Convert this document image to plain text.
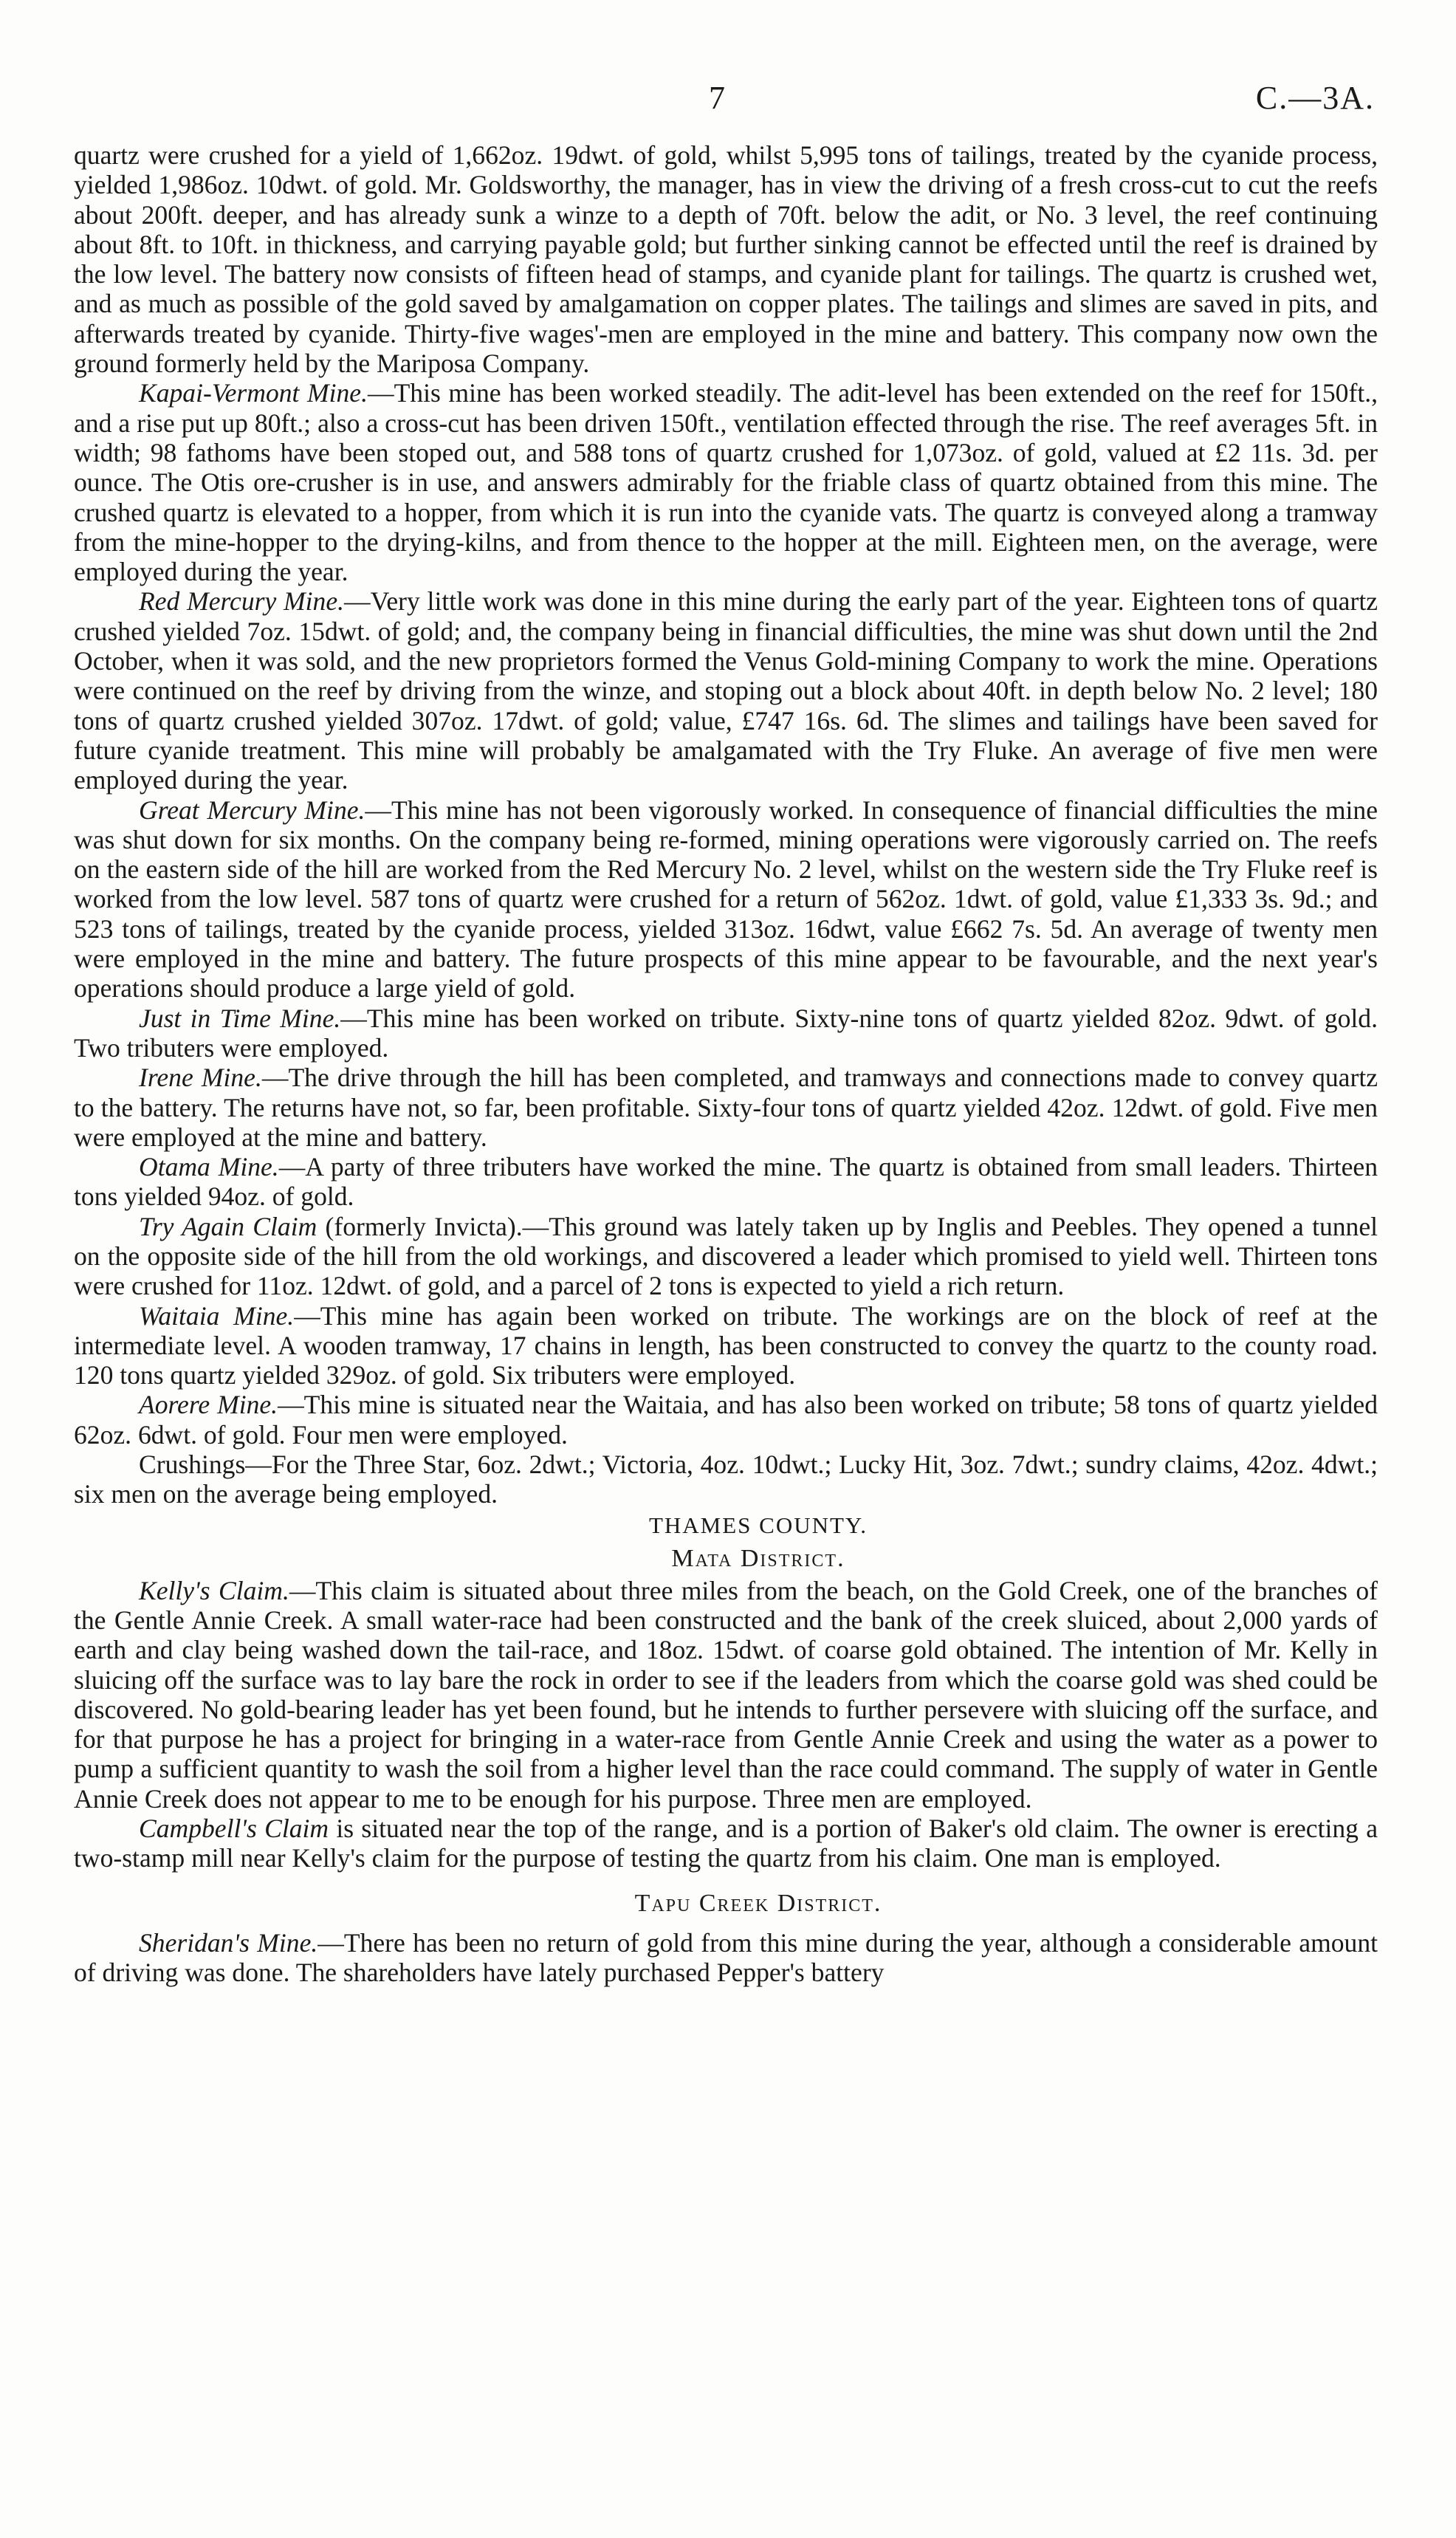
7	C.—3A.

quartz were crushed for a yield of 1,662oz. 19dwt. of gold, whilst 5,995 tons of tailings, treated by the cyanide process, yielded 1,986oz. 10dwt. of gold. Mr. Goldsworthy, the manager, has in view the driving of a fresh cross-cut to cut the reefs about 200ft. deeper, and has already sunk a winze to a depth of 70ft. below the adit, or No. 3 level, the reef continuing about 8ft. to 10ft. in thickness, and carrying payable gold; but further sinking cannot be effected until the reef is drained by the low level. The battery now consists of fifteen head of stamps, and cyanide plant for tailings. The quartz is crushed wet, and as much as possible of the gold saved by amalgamation on copper plates. The tailings and slimes are saved in pits, and afterwards treated by cyanide. Thirty-five wages'-men are employed in the mine and battery. This company now own the ground formerly held by the Mariposa Company.

Kapai-Vermont Mine.—This mine has been worked steadily. The adit-level has been extended on the reef for 150ft., and a rise put up 80ft.; also a cross-cut has been driven 150ft., ventilation effected through the rise. The reef averages 5ft. in width; 98 fathoms have been stoped out, and 588 tons of quartz crushed for 1,073oz. of gold, valued at £2 11s. 3d. per ounce. The Otis ore-crusher is in use, and answers admirably for the friable class of quartz obtained from this mine. The crushed quartz is elevated to a hopper, from which it is run into the cyanide vats. The quartz is conveyed along a tramway from the mine-hopper to the drying-kilns, and from thence to the hopper at the mill. Eighteen men, on the average, were employed during the year.

Red Mercury Mine.—Very little work was done in this mine during the early part of the year. Eighteen tons of quartz crushed yielded 7oz. 15dwt. of gold; and, the company being in financial difficulties, the mine was shut down until the 2nd October, when it was sold, and the new proprietors formed the Venus Gold-mining Company to work the mine. Operations were continued on the reef by driving from the winze, and stoping out a block about 40ft. in depth below No. 2 level; 180 tons of quartz crushed yielded 307oz. 17dwt. of gold; value, £747 16s. 6d. The slimes and tailings have been saved for future cyanide treatment. This mine will probably be amalgamated with the Try Fluke. An average of five men were employed during the year.

Great Mercury Mine.—This mine has not been vigorously worked. In consequence of financial difficulties the mine was shut down for six months. On the company being re-formed, mining operations were vigorously carried on. The reefs on the eastern side of the hill are worked from the Red Mercury No. 2 level, whilst on the western side the Try Fluke reef is worked from the low level. 587 tons of quartz were crushed for a return of 562oz. 1dwt. of gold, value £1,333 3s. 9d.; and 523 tons of tailings, treated by the cyanide process, yielded 313oz. 16dwt, value £662 7s. 5d. An average of twenty men were employed in the mine and battery. The future prospects of this mine appear to be favourable, and the next year's operations should produce a large yield of gold.

Just in Time Mine.—This mine has been worked on tribute. Sixty-nine tons of quartz yielded 82oz. 9dwt. of gold. Two tributers were employed.

Irene Mine.—The drive through the hill has been completed, and tramways and connections made to convey quartz to the battery. The returns have not, so far, been profitable. Sixty-four tons of quartz yielded 42oz. 12dwt. of gold. Five men were employed at the mine and battery.

Otama Mine.—A party of three tributers have worked the mine. The quartz is obtained from small leaders. Thirteen tons yielded 94oz. of gold.

Try Again Claim (formerly Invicta).—This ground was lately taken up by Inglis and Peebles. They opened a tunnel on the opposite side of the hill from the old workings, and discovered a leader which promised to yield well. Thirteen tons were crushed for 11oz. 12dwt. of gold, and a parcel of 2 tons is expected to yield a rich return.

Waitaia Mine.—This mine has again been worked on tribute. The workings are on the block of reef at the intermediate level. A wooden tramway, 17 chains in length, has been constructed to convey the quartz to the county road. 120 tons quartz yielded 329oz. of gold. Six tributers were employed.

Aorere Mine.—This mine is situated near the Waitaia, and has also been worked on tribute; 58 tons of quartz yielded 62oz. 6dwt. of gold. Four men were employed.

Crushings—For the Three Star, 6oz. 2dwt.; Victoria, 4oz. 10dwt.; Lucky Hit, 3oz. 7dwt.; sundry claims, 42oz. 4dwt.; six men on the average being employed.

THAMES COUNTY.

Mata District.

Kelly's Claim.—This claim is situated about three miles from the beach, on the Gold Creek, one of the branches of the Gentle Annie Creek. A small water-race had been constructed and the bank of the creek sluiced, about 2,000 yards of earth and clay being washed down the tail-race, and 18oz. 15dwt. of coarse gold obtained. The intention of Mr. Kelly in sluicing off the surface was to lay bare the rock in order to see if the leaders from which the coarse gold was shed could be discovered. No gold-bearing leader has yet been found, but he intends to further persevere with sluicing off the surface, and for that purpose he has a project for bringing in a water-race from Gentle Annie Creek and using the water as a power to pump a sufficient quantity to wash the soil from a higher level than the race could command. The supply of water in Gentle Annie Creek does not appear to me to be enough for his purpose. Three men are employed.

Campbell's Claim is situated near the top of the range, and is a portion of Baker's old claim. The owner is erecting a two-stamp mill near Kelly's claim for the purpose of testing the quartz from his claim. One man is employed.

Tapu Creek District.

Sheridan's Mine.—There has been no return of gold from this mine during the year, although a considerable amount of driving was done. The shareholders have lately purchased Pepper's battery
